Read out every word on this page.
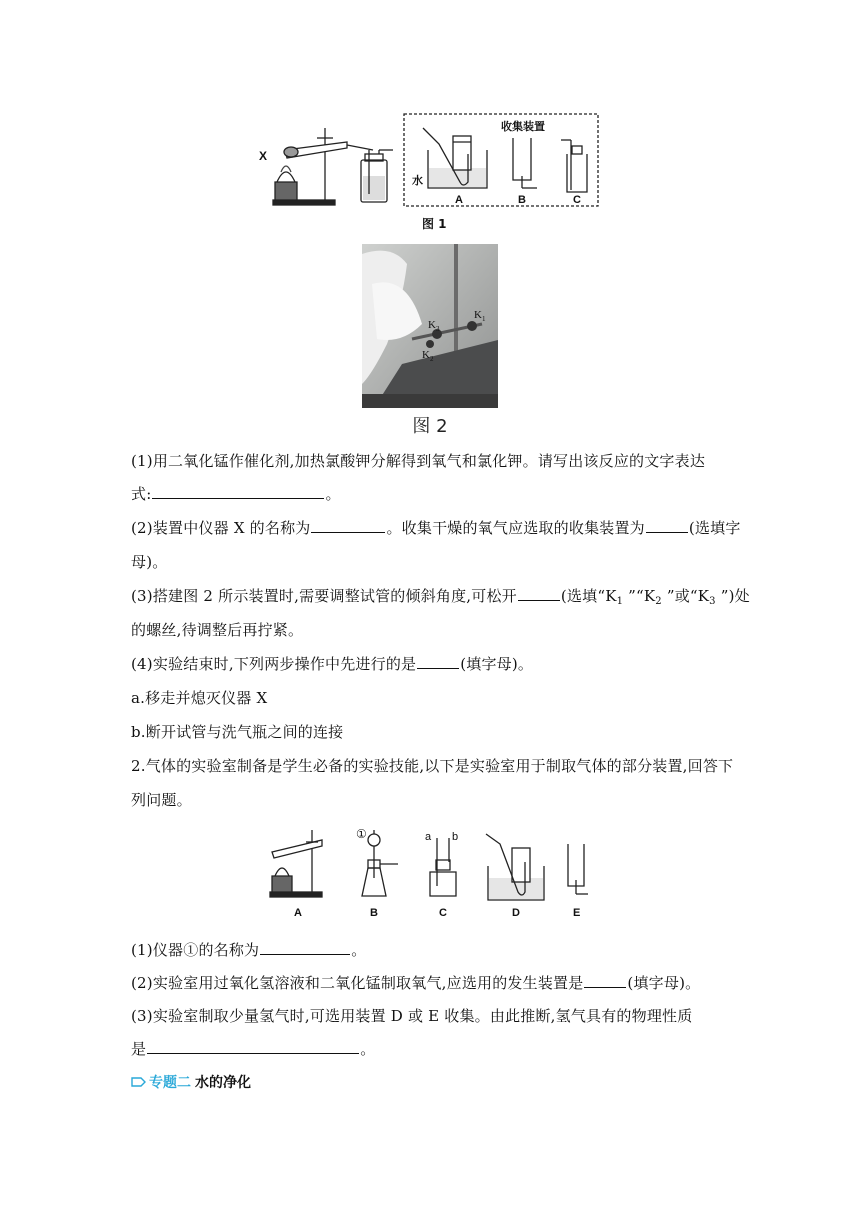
X
收集装置
水
A	B	C
图 1
$K_3$
$K_1$
$K_2$
图 2
(1)用二氧化锰作催化剂,加热氯酸钾分解得到氧气和氯化钾。请写出该反应的文字表达
式:	。
(2)装置中仪器 X 的名称为	。收集干燥的氧气应选取的收集装置为	(选填字
母)。
(3)搭建图 2 所示装置时,需要调整试管的倾斜角度,可松开	(选填“$K_1$ $”“K_2$ ”或“$K_3$ ”)处
的螺丝,待调整后再拧紧。
(4)实验结束时,下列两步操作中先进行的是	(填字母)。
a.移走并熄灭仪器 X
b.断开试管与洗气瓶之间的连接
2.气体的实验室制备是学生必备的实验技能,以下是实验室用于制取气体的部分装置,回答下
列问题。
①	a b
A	B	C	D	E
(1)仪器①的名称为	。
(2)实验室用过氧化氢溶液和二氧化锰制取氧气,应选用的发生装置是	(填字母)。
(3)实验室制取少量氢气时,可选用装置 D 或 E 收集。由此推断,氢气具有的物理性质
是	。
专题二 水的净化
